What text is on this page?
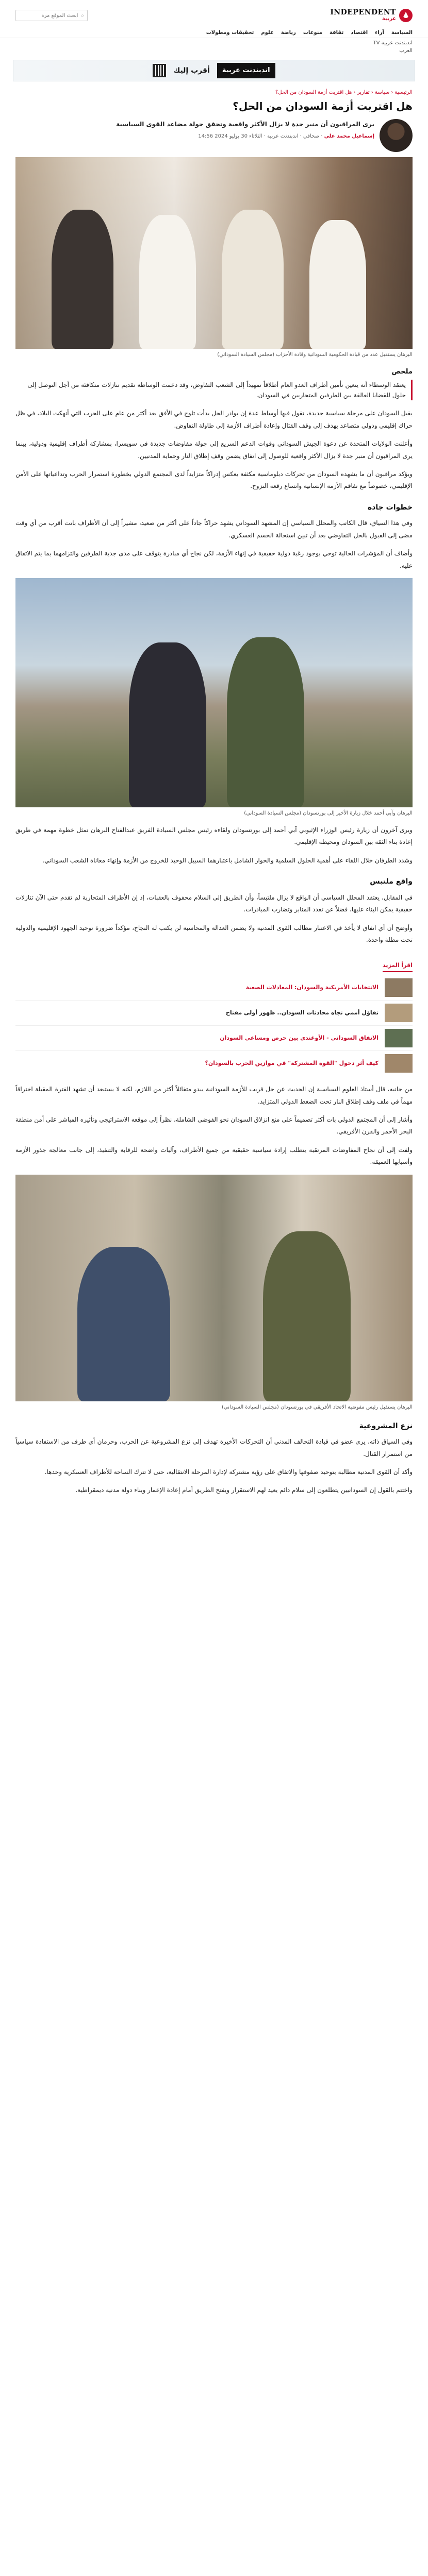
INDEPENDENT
عربية
⌕
ابحث الموقع مرة
السياسة
آراء
اقتصاد
ثقافة
منوعات
رياضة
علوم
تحقيقات ومطولات
اندبندنت عربية TV
العرب
اندبندنت عربية
أقرب إليك
الرئيسية ‹ سياسة ‹ تقارير ‹ هل اقتربت أزمة السودان من الحل؟
هل اقتربت أزمة السودان من الحل؟
يرى المراقبون أن منبر جدة لا يزال الأكثر واقعية وتحقق جولة مضاعد القوى السياسية
إسماعيل محمد علي · صحافي · اندبندنت عربية · الثلاثاء 30 يوليو 2024 14:56
البرهان يستقبل عدد من قيادة الحكومية السودانية وقادة الأحزاب (مجلس السيادة السوداني)
ملخص
يعتقد الوسطاء أنه يتعين تأمين أطراف العدو العام أطلاقاً تمهيداً إلى الشعب التفاوض، وقد دعمت الوساطة تقديم تنازلات متكافئة من أجل التوصل إلى حلول للقضايا العالقة بين الطرفين المتحاربين في السودان.

يقبل السودان على مرحلة سياسية جديدة، تقول فيها أوساط عدة إن بوادر الحل بدأت تلوح في الأفق بعد أكثر من عام على الحرب التي أنهكت البلاد، في ظل حراك إقليمي ودولي متصاعد يهدف إلى وقف القتال وإعادة أطراف الأزمة إلى طاولة التفاوض.

وأعلنت الولايات المتحدة عن دعوة الجيش السوداني وقوات الدعم السريع إلى جولة مفاوضات جديدة في سويسرا، بمشاركة أطراف إقليمية ودولية، بينما يرى المراقبون أن منبر جدة لا يزال الأكثر واقعية للوصول إلى اتفاق يضمن وقف إطلاق النار وحماية المدنيين.

ويؤكد مراقبون أن ما يشهده السودان من تحركات دبلوماسية مكثفة يعكس إدراكاً متزايداً لدى المجتمع الدولي بخطورة استمرار الحرب وتداعياتها على الأمن الإقليمي، خصوصاً مع تفاقم الأزمة الإنسانية واتساع رقعة النزوح.

خطوات جادة

وفي هذا السياق، قال الكاتب والمحلل السياسي إن المشهد السوداني يشهد حراكاً جاداً على أكثر من صعيد، مشيراً إلى أن الأطراف باتت أقرب من أي وقت مضى إلى القبول بالحل التفاوضي بعد أن تبين استحالة الحسم العسكري.

وأضاف أن المؤشرات الحالية توحي بوجود رغبة دولية حقيقية في إنهاء الأزمة، لكن نجاح أي مبادرة يتوقف على مدى جدية الطرفين والتزامهما بما يتم الاتفاق عليه.

البرهان وآبي أحمد خلال زيارة الأخير إلى بورتسودان (مجلس السيادة السوداني)

ويرى آخرون أن زيارة رئيس الوزراء الإثيوبي آبي أحمد إلى بورتسودان ولقاءه رئيس مجلس السيادة الفريق عبدالفتاح البرهان تمثل خطوة مهمة في طريق إعادة بناء الثقة بين السودان ومحيطه الإقليمي.

وشدد الطرفان خلال اللقاء على أهمية الحلول السلمية والحوار الشامل باعتبارهما السبيل الوحيد للخروج من الأزمة وإنهاء معاناة الشعب السوداني.

واقع ملتبس

في المقابل، يعتقد المحلل السياسي أن الواقع لا يزال ملتبساً، وأن الطريق إلى السلام محفوف بالعقبات، إذ إن الأطراف المتحاربة لم تقدم حتى الآن تنازلات حقيقية يمكن البناء عليها، فضلاً عن تعدد المنابر وتضارب المبادرات.

وأوضح أن أي اتفاق لا يأخذ في الاعتبار مطالب القوى المدنية ولا يضمن العدالة والمحاسبة لن يكتب له النجاح، مؤكداً ضرورة توحيد الجهود الإقليمية والدولية تحت مظلة واحدة.

اقرأ المزيد
الانتخابات الأمريكية والسودان: المعادلات الصعبة
تفاؤل أممي تجاه محادثات السودان.. ظهور أولى مفتاح
الاتفاق السوداني - الأوغندي بين حرص ومساعي السودان
كيف أثر دخول "القوة المشتركة" في موازين الحرب بالسودان؟

من جانبه، قال أستاذ العلوم السياسية إن الحديث عن حل قريب للأزمة السودانية يبدو متفائلاً أكثر من اللازم، لكنه لا يستبعد أن تشهد الفترة المقبلة اختراقاً مهماً في ملف وقف إطلاق النار تحت الضغط الدولي المتزايد.

وأشار إلى أن المجتمع الدولي بات أكثر تصميماً على منع انزلاق السودان نحو الفوضى الشاملة، نظراً إلى موقعه الاستراتيجي وتأثيره المباشر على أمن منطقة البحر الأحمر والقرن الأفريقي.

ولفت إلى أن نجاح المفاوضات المرتقبة يتطلب إرادة سياسية حقيقية من جميع الأطراف، وآليات واضحة للرقابة والتنفيذ، إلى جانب معالجة جذور الأزمة وأسبابها العميقة.

البرهان يستقبل رئيس مفوضية الاتحاد الأفريقي في بورتسودان (مجلس السيادة السوداني)
نزع المشروعية

وفي السياق ذاته، يرى عضو في قيادة التحالف المدني أن التحركات الأخيرة تهدف إلى نزع المشروعية عن الحرب، وحرمان أي طرف من الاستفادة سياسياً من استمرار القتال.

وأكد أن القوى المدنية مطالبة بتوحيد صفوفها والاتفاق على رؤية مشتركة لإدارة المرحلة الانتقالية، حتى لا تترك الساحة للأطراف العسكرية وحدها.

واختتم بالقول إن السودانيين يتطلعون إلى سلام دائم يعيد لهم الاستقرار ويفتح الطريق أمام إعادة الإعمار وبناء دولة مدنية ديمقراطية.
